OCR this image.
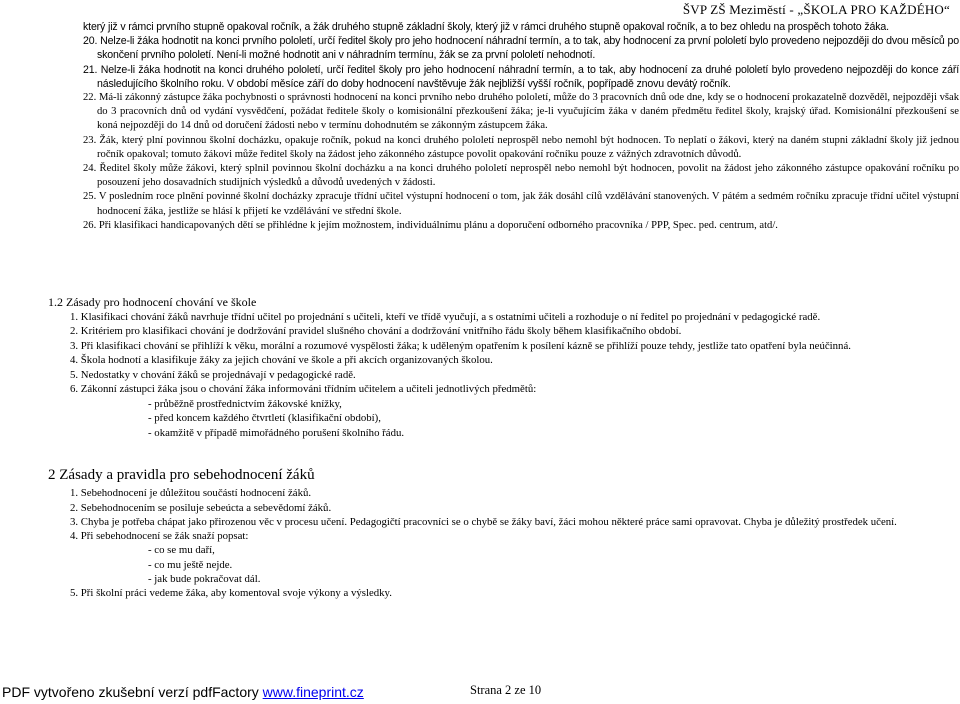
ŠVP ZŠ Meziměstí - „ŠKOLA PRO KAŽDÉHO“

který již v rámci prvního stupně opakoval ročník, a žák druhého stupně základní školy, který již v rámci druhého stupně opakoval ročník, a to bez ohledu na prospěch tohoto žáka.

20. Nelze-li žáka hodnotit na konci prvního pololetí, určí ředitel školy pro jeho hodnocení náhradní termín, a to tak, aby hodnocení za první pololetí bylo provedeno nejpozději do dvou měsíců po skončení prvního pololetí. Není-li možné hodnotit ani v náhradním termínu, žák se za první pololetí nehodnotí.

21. Nelze-li žáka hodnotit na konci druhého pololetí, určí ředitel školy pro jeho hodnocení náhradní termín, a to tak, aby hodnocení za druhé pololetí bylo provedeno nejpozději do konce září následujícího školního roku. V období měsíce září do doby hodnocení navštěvuje žák nejbližší vyšší ročník, popřípadě znovu devátý ročník.

22. Má-li zákonný zástupce žáka pochybnosti o správnosti hodnocení na konci prvního nebo druhého pololetí, může do 3 pracovních dnů ode dne, kdy se o hodnocení prokazatelně dozvěděl, nejpozději však do 3 pracovních dnů od vydání vysvědčení, požádat ředitele školy o komisionální přezkoušení žáka; je-li vyučujícím žáka v daném předmětu ředitel školy, krajský úřad. Komisionální přezkoušení se koná nejpozději do 14 dnů od doručení žádosti nebo v termínu dohodnutém se zákonným zástupcem žáka.

23. Žák, který plní povinnou školní docházku, opakuje ročník, pokud na konci druhého pololetí neprospěl nebo nemohl být hodnocen. To neplatí o žákovi, který na daném stupni základní školy již jednou ročník opakoval; tomuto žákovi může ředitel školy na žádost jeho zákonného zástupce povolit opakování ročníku pouze z vážných zdravotních důvodů.

24. Ředitel školy může žákovi, který splnil povinnou školní docházku a na konci druhého pololetí neprospěl nebo nemohl být hodnocen, povolit na žádost jeho zákonného zástupce opakování ročníku po posouzení jeho dosavadních studijních výsledků a důvodů uvedených v žádosti.

25. V posledním roce plnění povinné školní docházky zpracuje třídní učitel výstupní hodnocení o tom, jak žák dosáhl cílů vzdělávání stanovených. V pátém a sedmém ročníku zpracuje třídní učitel výstupní hodnocení žáka, jestliže se hlásí k přijetí ke vzdělávání ve střední škole.

26. Při klasifikaci handicapovaných dětí se přihlédne k jejím možnostem, individuálnímu plánu a doporučení odborného pracovníka / PPP, Spec. ped. centrum, atd/.

1.2 Zásady pro hodnocení chování ve škole

1. Klasifikaci chování žáků navrhuje třídní učitel po projednání s učiteli, kteří ve třídě vyučují, a s ostatními učiteli a rozhoduje o ní ředitel po projednání v pedagogické radě.

2. Kritériem pro klasifikaci chování je dodržování pravidel slušného chování a dodržování vnitřního řádu školy během klasifikačního období.

3. Při klasifikaci chování se přihlíží k věku, morální a rozumové vyspělosti žáka; k uděleným opatřením k posílení kázně se přihlíží pouze tehdy, jestliže tato opatření byla neúčinná.

4. Škola hodnotí a klasifikuje žáky za jejich chování ve škole a při akcích organizovaných školou.

5. Nedostatky v chování žáků se projednávají v pedagogické radě.

6. Zákonní zástupci žáka jsou o chování žáka informováni třídním učitelem a učiteli jednotlivých předmětů:

- průběžně prostřednictvím žákovské knížky,

- před koncem každého čtvrtletí (klasifikační období),

- okamžitě v případě mimořádného porušení školního řádu.

2 Zásady a pravidla pro sebehodnocení žáků

1. Sebehodnocení je důležitou součástí hodnocení žáků.

2. Sebehodnocením se posiluje sebeúcta a sebevědomí žáků.

3. Chyba je potřeba chápat jako přirozenou věc v procesu učení. Pedagogičtí pracovníci se o chybě se žáky baví, žáci mohou některé práce sami opravovat. Chyba je důležitý prostředek učení.

4. Při sebehodnocení se žák snaží popsat:

- co se mu daří,

- co mu ještě nejde.

- jak bude pokračovat dál.

5. Při školní práci vedeme žáka, aby komentoval svoje výkony a výsledky.

PDF vytvořeno zkušební verzí pdfFactory www.fineprint.cz	Strana 2 ze 10
